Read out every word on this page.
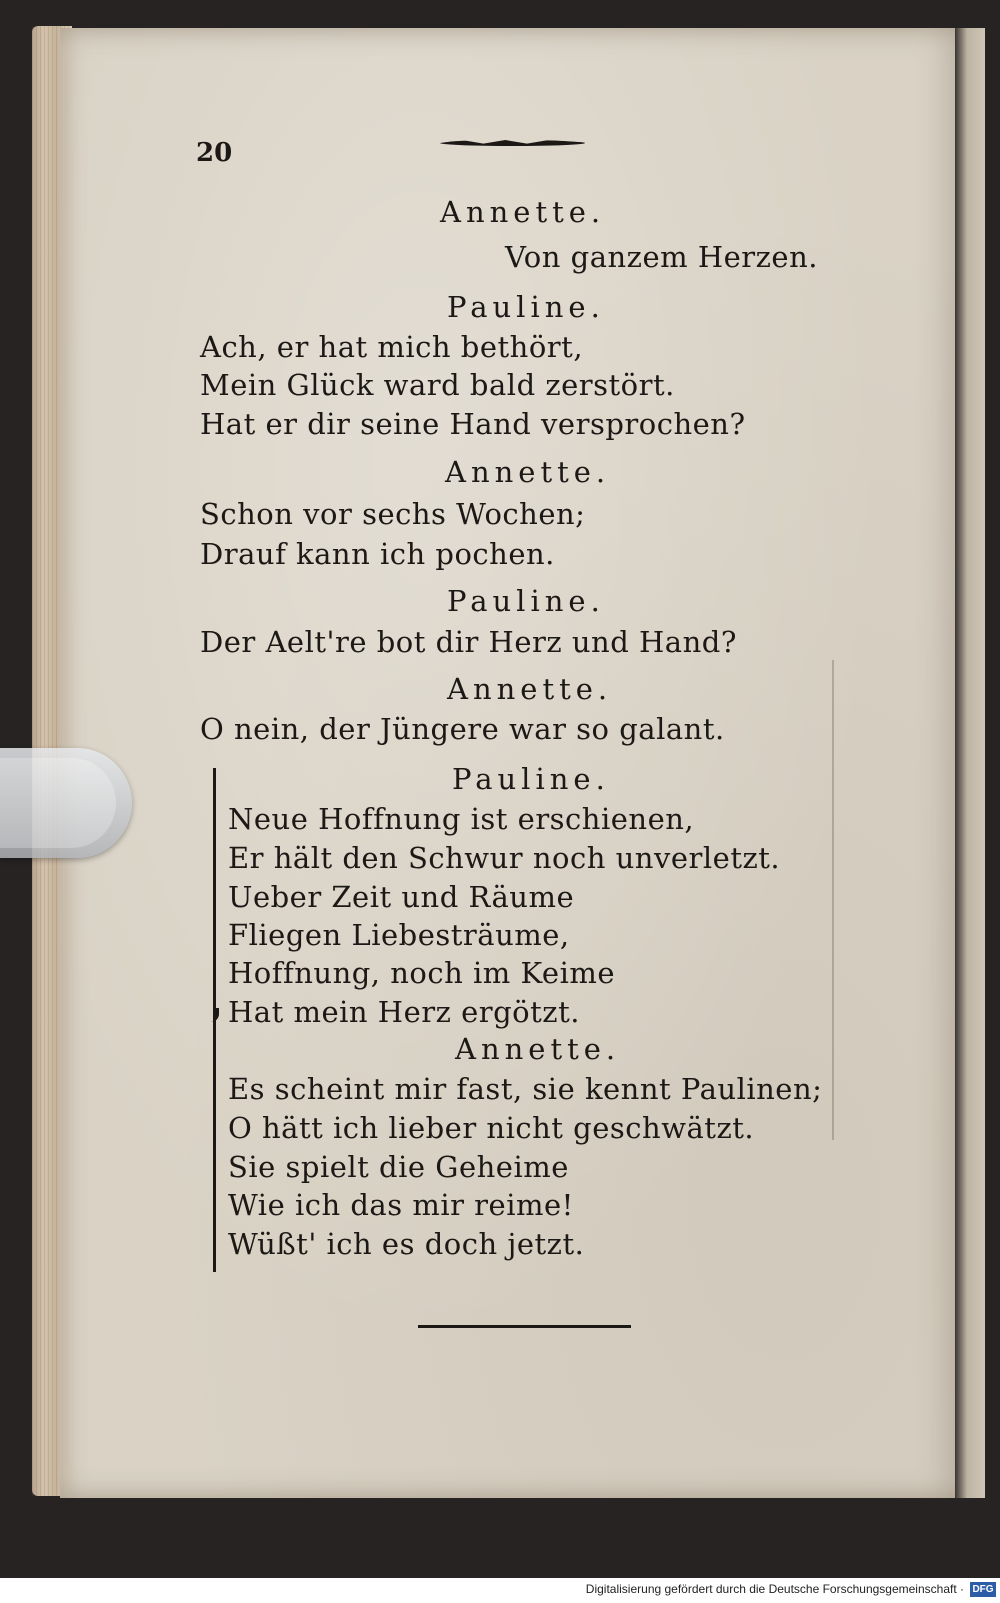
20
Annette.
Von ganzem Herzen.
Pauline.
Ach, er hat mich bethört,
Mein Glück ward bald zerstört.
Hat er dir seine Hand versprochen?
Annette.
Schon vor sechs Wochen;
Drauf kann ich pochen.
Pauline.
Der Aelt're bot dir Herz und Hand?
Annette.
O nein, der Jüngere war so galant.
Pauline.
Neue Hoffnung ist erschienen,
Er hält den Schwur noch unverletzt.
Ueber Zeit und Räume
Fliegen Liebesträume,
Hoffnung, noch im Keime
Hat mein Herz ergötzt.
Annette.
Es scheint mir fast, sie kennt Paulinen;
O hätt ich lieber nicht geschwätzt.
Sie spielt die Geheime
Wie ich das mir reime!
Wüßt' ich es doch jetzt.
Digitalisierung gefördert durch die Deutsche Forschungsgemeinschaft · DFG
